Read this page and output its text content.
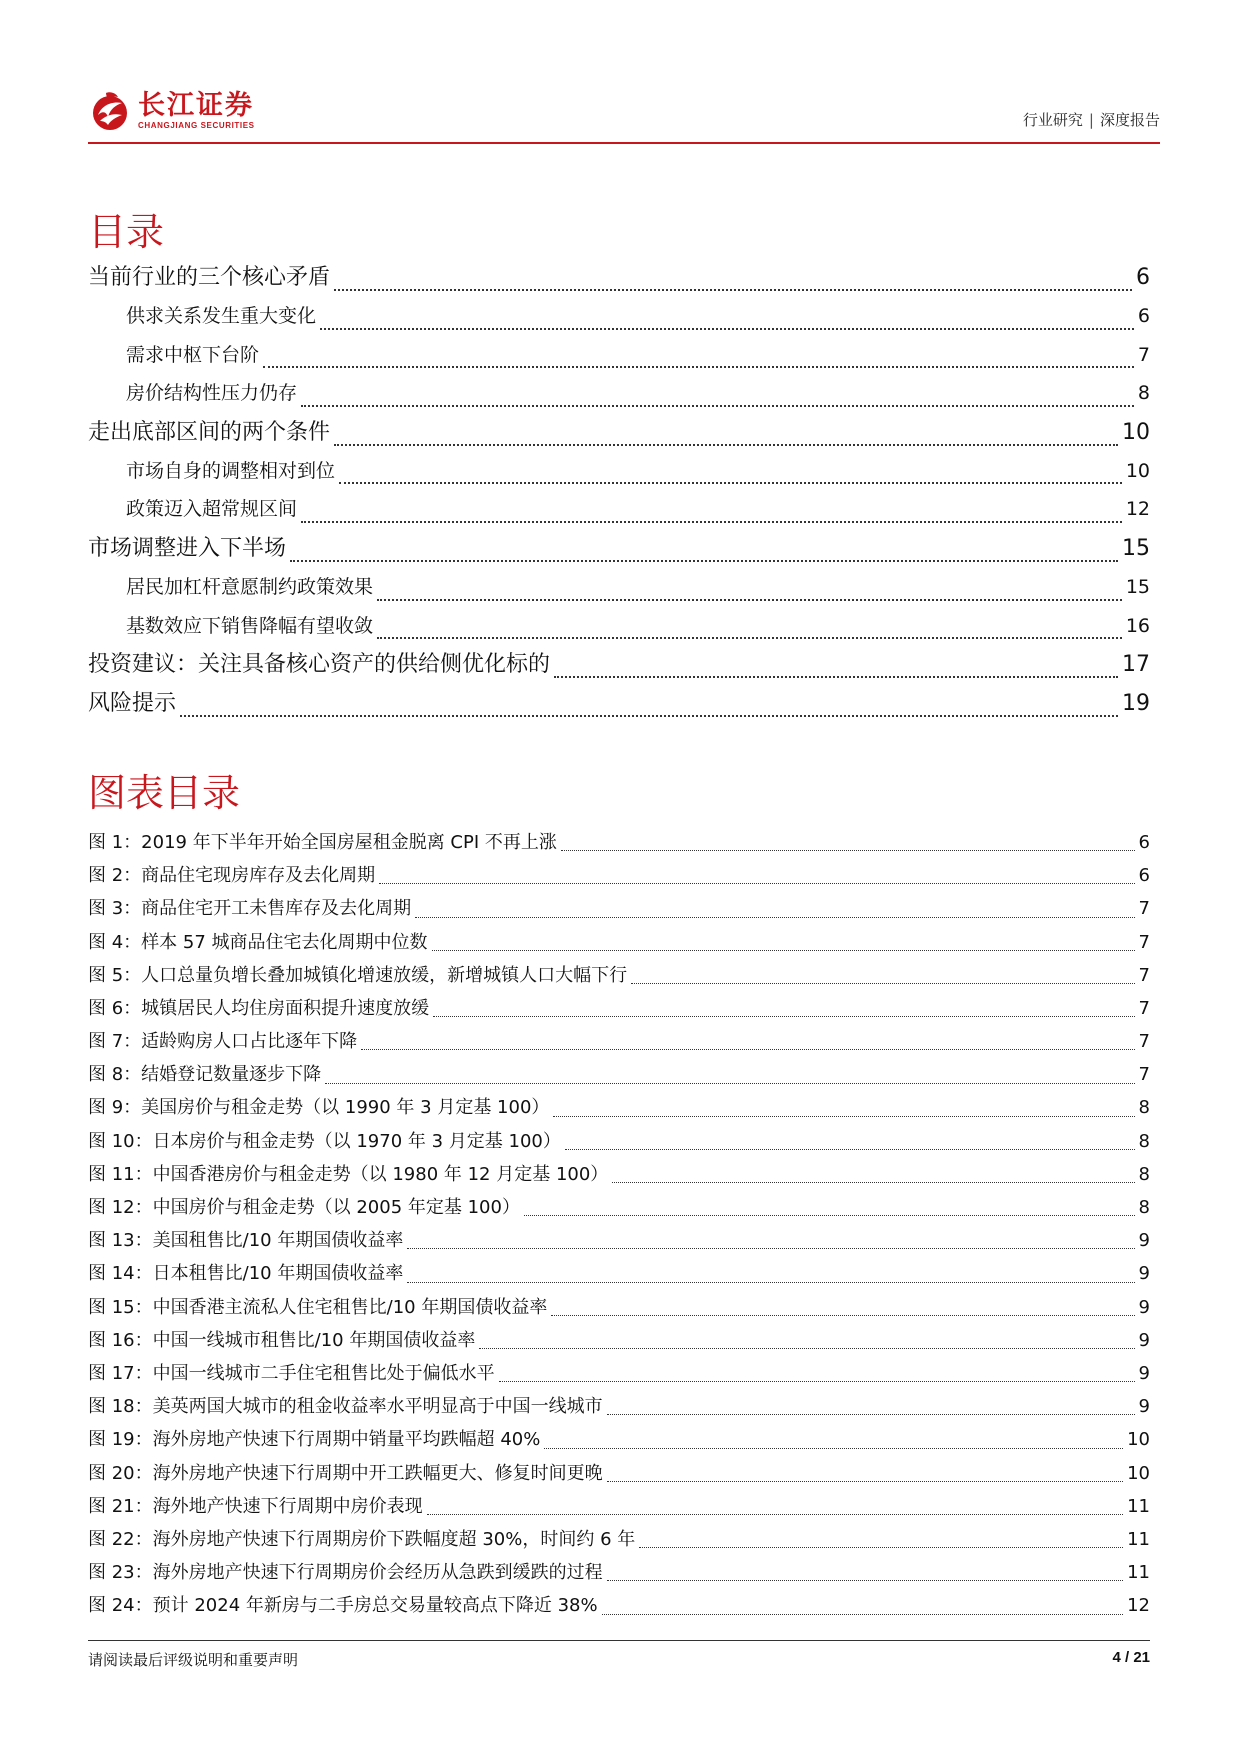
长江证券
CHANGJIANG SECURITIES	行业研究 | 深度报告
目录
当前行业的三个核心矛盾	6
供求关系发生重大变化	6
需求中枢下台阶	7
房价结构性压力仍存	8
走出底部区间的两个条件	10
市场自身的调整相对到位	10
政策迈入超常规区间	12
市场调整进入下半场	15
居民加杠杆意愿制约政策效果	15
基数效应下销售降幅有望收敛	16
投资建议：关注具备核心资产的供给侧优化标的	17
风险提示	19
图表目录
图 1：2019 年下半年开始全国房屋租金脱离 CPI 不再上涨	6
图 2：商品住宅现房库存及去化周期	6
图 3：商品住宅开工未售库存及去化周期	7
图 4：样本 57 城商品住宅去化周期中位数	7
图 5：人口总量负增长叠加城镇化增速放缓，新增城镇人口大幅下行	7
图 6：城镇居民人均住房面积提升速度放缓	7
图 7：适龄购房人口占比逐年下降	7
图 8：结婚登记数量逐步下降	7
图 9：美国房价与租金走势（以 1990 年 3 月定基 100）	8
图 10：日本房价与租金走势（以 1970 年 3 月定基 100）	8
图 11：中国香港房价与租金走势（以 1980 年 12 月定基 100）	8
图 12：中国房价与租金走势（以 2005 年定基 100）	8
图 13：美国租售比/10 年期国债收益率	9
图 14：日本租售比/10 年期国债收益率	9
图 15：中国香港主流私人住宅租售比/10 年期国债收益率	9
图 16：中国一线城市租售比/10 年期国债收益率	9
图 17：中国一线城市二手住宅租售比处于偏低水平	9
图 18：美英两国大城市的租金收益率水平明显高于中国一线城市	9
图 19：海外房地产快速下行周期中销量平均跌幅超 40%	10
图 20：海外房地产快速下行周期中开工跌幅更大、修复时间更晚	10
图 21：海外地产快速下行周期中房价表现	11
图 22：海外房地产快速下行周期房价下跌幅度超 30%，时间约 6 年	11
图 23：海外房地产快速下行周期房价会经历从急跌到缓跌的过程	11
图 24：预计 2024 年新房与二手房总交易量较高点下降近 38%	12
请阅读最后评级说明和重要声明	4 / 21
